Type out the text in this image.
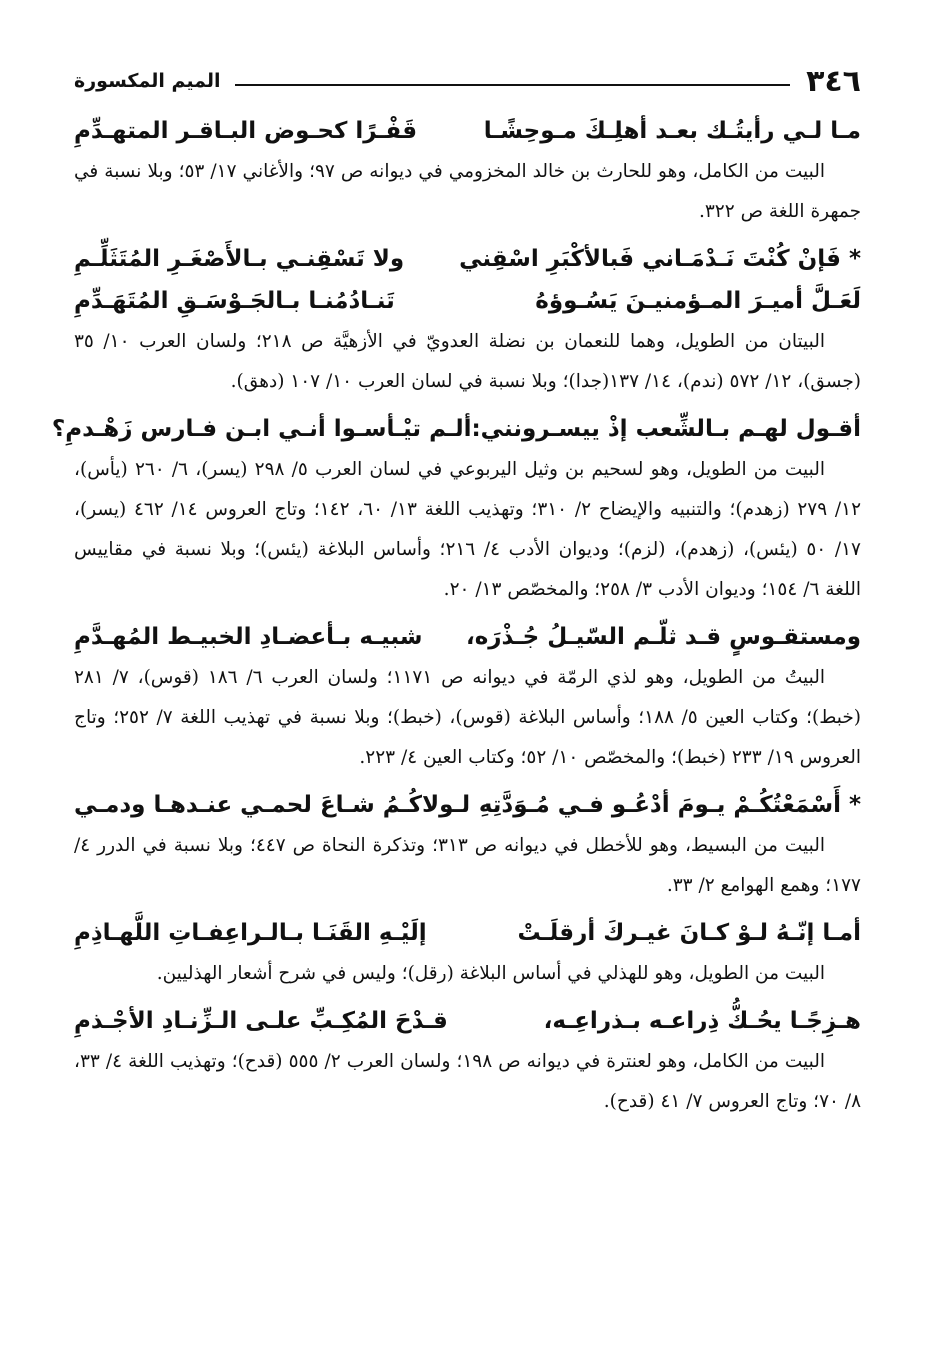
٣٤٦
الميم المكسورة
مـا لـي رأيتُـك بعـد أهلِـكَ مـوحِشًـا
قَفْـرًا كحـوض البـاقـر المتهـدِّمِ

البيت من الكامل، وهو للحارث بن خالد المخزومي في ديوانه ص ٩٧؛ والأغاني ١٧/ ٥٣؛ وبلا نسبة في جمهرة اللغة ص ٣٢٢.

* فَإنْ كُنْتَ نَـدْمَـاني فَبالأكْبَرِ اسْقِني
ولا تَسْقِنـي بـالأَصْغَـرِ المُتَثَلِّـمِ
لَعَـلَّ أميـرَ المـؤمنيـنَ يَسُـوؤهُ
تَنـادُمُنـا بـالجَـوْسَـقِ المُتَهَـدِّمِ

البيتان من الطويل، وهما للنعمان بن نضلة العدويّ في الأزهيَّة ص ٢١٨؛ ولسان العرب ١٠/ ٣٥ (جسق)، ١٢/ ٥٧٢ (ندم)، ١٤/ ١٣٧(جدا)؛ وبلا نسبة في لسان العرب ١٠/ ١٠٧ (دهق).

أقـول لهـم بـالشِّعب إذْ ييسـرونني:
ألـم تيْـأسـوا أنـي ابـن فـارس زَهْـدمِ؟

البيت من الطويل، وهو لسحيم بن وثيل اليربوعي في لسان العرب ٥/ ٢٩٨ (يسر)، ٦/ ٢٦٠ (يأس)، ١٢/ ٢٧٩ (زهدم)؛ والتنبيه والإيضاح ٢/ ٣١٠؛ وتهذيب اللغة ١٣/ ٦٠، ١٤٢؛ وتاج العروس ١٤/ ٤٦٢ (يسر)، ١٧/ ٥٠ (يئس)، (زهدم)، (لزم)؛ وديوان الأدب ٤/ ٢١٦؛ وأساس البلاغة (يئس)؛ وبلا نسبة في مقاييس اللغة ٦/ ١٥٤؛ وديوان الأدب ٣/ ٢٥٨؛ والمخصّص ١٣/ ٢٠.

ومستقـوسٍ قـد ثلّـم السّيـلُ جُـذْرَه،
شبيـه بـأعضـادِ الخبيـط المُهـدَّمِ

البيتُ من الطويل، وهو لذي الرمّة في ديوانه ص ١١٧١؛ ولسان العرب ٦/ ١٨٦ (قوس)، ٧/ ٢٨١ (خبط)؛ وكتاب العين ٥/ ١٨٨؛ وأساس البلاغة (قوس)، (خبط)؛ وبلا نسبة في تهذيب اللغة ٧/ ٢٥٢؛ وتاج العروس ١٩/ ٢٣٣ (خبط)؛ والمخصّص ١٠/ ٥٢؛ وكتاب العين ٤/ ٢٢٣.

* أَسْمَعْتُكُـمْ يـومَ أدْعُـو فـي مُـوَدَّتِهِ
لـولاكُـمُ شـاعَ لحمـي عنـدهـا ودمـي

البيت من البسيط، وهو للأخطل في ديوانه ص ٣١٣؛ وتذكرة النحاة ص ٤٤٧؛ وبلا نسبة في الدرر ٤/ ١٧٧؛ وهمع الهوامع ٢/ ٣٣.

أمـا إنّـهُ لـوْ كـانَ غيـركَ أرقلَـتْ
إلَيْـهِ القَنَـا بـالـراعِفـاتِ اللَّهـاذِمِ

البيت من الطويل، وهو للهذلي في أساس البلاغة (رقل)؛ وليس في شرح أشعار الهذليين.

هـزِجًـا يحُـكُّ ذِراعـه بـذراعِـه،
قـدْحَ المُكِـبِّ علـى الـزِّنـادِ الأجْـذمِ

البيت من الكامل، وهو لعنترة في ديوانه ص ١٩٨؛ ولسان العرب ٢/ ٥٥٥ (قدح)؛ وتهذيب اللغة ٤/ ٣٣، ٨/ ٧٠؛ وتاج العروس ٧/ ٤١ (قدح).
